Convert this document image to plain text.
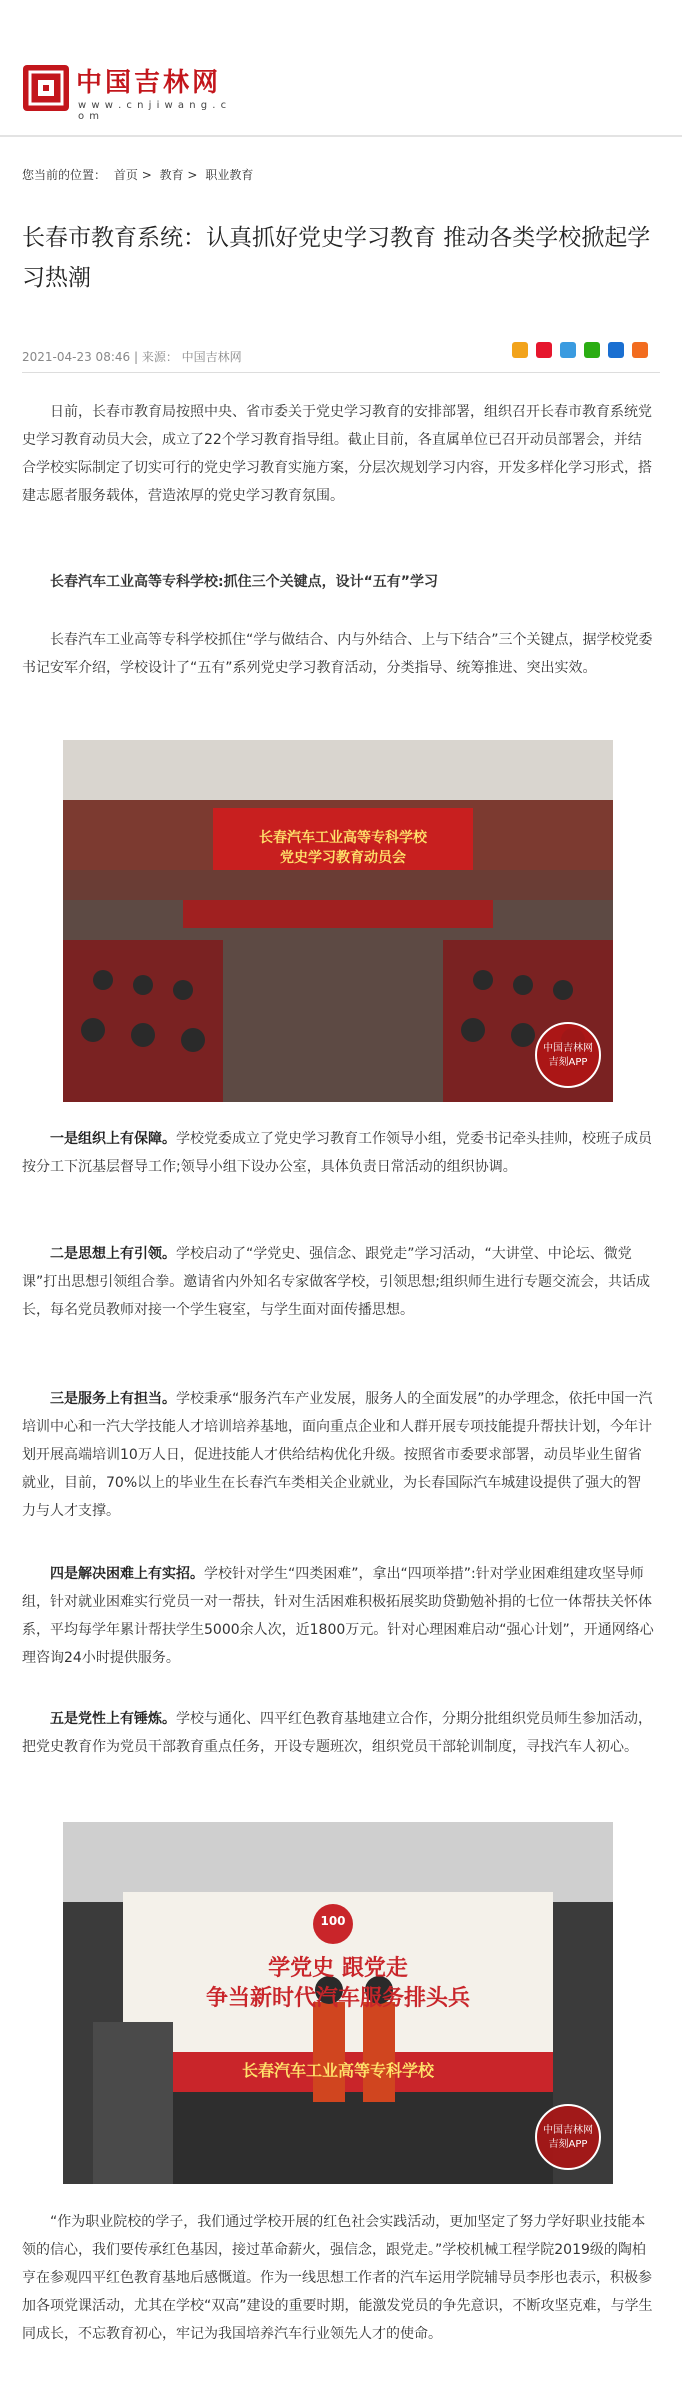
中国吉林网
w w w . c n j i w a n g . c o m
您当前的位置： 首页 > 教育 > 职业教育
长春市教育系统：认真抓好党史学习教育 推动各类学校掀起学习热潮
2021-04-23 08:46 | 来源： 中国吉林网

日前，长春市教育局按照中央、省市委关于党史学习教育的安排部署，组织召开长春市教育系统党史学习教育动员大会，成立了22个学习教育指导组。截止目前，各直属单位已召开动员部署会，并结合学校实际制定了切实可行的党史学习教育实施方案，分层次规划学习内容，开发多样化学习形式，搭建志愿者服务载体，营造浓厚的党史学习教育氛围。

长春汽车工业高等专科学校:抓住三个关键点，设计“五有”学习

长春汽车工业高等专科学校抓住“学与做结合、内与外结合、上与下结合”三个关键点，据学校党委书记安军介绍，学校设计了“五有”系列党史学习教育活动，分类指导、统筹推进、突出实效。

长春汽车工业高等专科学校
党史学习教育动员会
中国吉林网
吉刻APP

一是组织上有保障。学校党委成立了党史学习教育工作领导小组，党委书记牵头挂帅，校班子成员按分工下沉基层督导工作;领导小组下设办公室，具体负责日常活动的组织协调。

二是思想上有引领。学校启动了“学党史、强信念、跟党走”学习活动，“大讲堂、中论坛、微党课”打出思想引领组合拳。邀请省内外知名专家做客学校，引领思想;组织师生进行专题交流会，共话成长，每名党员教师对接一个学生寝室，与学生面对面传播思想。

三是服务上有担当。学校秉承“服务汽车产业发展，服务人的全面发展”的办学理念，依托中国一汽培训中心和一汽大学技能人才培训培养基地，面向重点企业和人群开展专项技能提升帮扶计划，今年计划开展高端培训10万人日，促进技能人才供给结构优化升级。按照省市委要求部署，动员毕业生留省就业，目前，70%以上的毕业生在长春汽车类相关企业就业，为长春国际汽车城建设提供了强大的智力与人才支撑。

四是解决困难上有实招。学校针对学生“四类困难”，拿出“四项举措”:针对学业困难组建攻坚导师组，针对就业困难实行党员一对一帮扶，针对生活困难积极拓展奖助贷勤勉补捐的七位一体帮扶关怀体系，平均每学年累计帮扶学生5000余人次，近1800万元。针对心理困难启动“强心计划”，开通网络心理咨询24小时提供服务。

五是党性上有锤炼。学校与通化、四平红色教育基地建立合作，分期分批组织党员师生参加活动，把党史教育作为党员干部教育重点任务，开设专题班次，组织党员干部轮训制度，寻找汽车人初心。

100
学党史 跟党走
争当新时代汽车服务排头兵
长春汽车工业高等专科学校
中国吉林网
吉刻APP

“作为职业院校的学子，我们通过学校开展的红色社会实践活动，更加坚定了努力学好职业技能本领的信心，我们要传承红色基因，接过革命薪火，强信念，跟党走。”学校机械工程学院2019级的陶柏亨在参观四平红色教育基地后感慨道。作为一线思想工作者的汽车运用学院辅导员李彤也表示，积极参加各项党课活动，尤其在学校“双高”建设的重要时期，能激发党员的争先意识，不断攻坚克难，与学生同成长，不忘教育初心，牢记为我国培养汽车行业领先人才的使命。
